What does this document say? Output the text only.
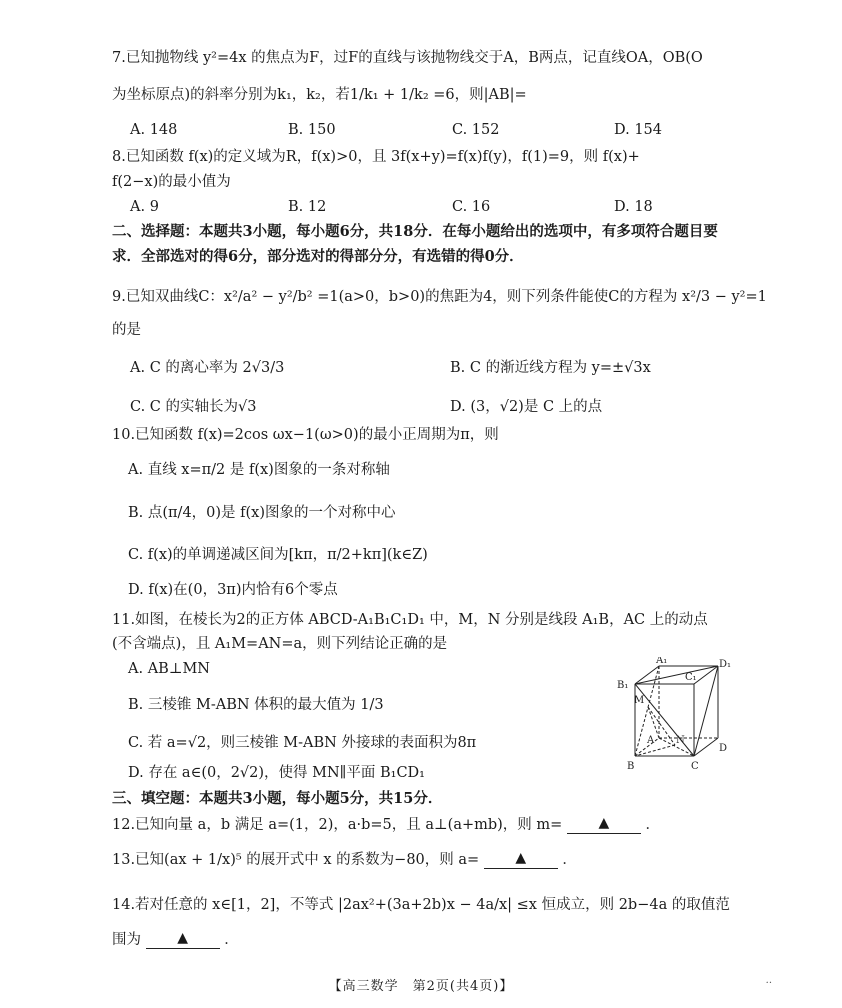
7.已知抛物线 y²=4x 的焦点为F，过F的直线与该抛物线交于A，B两点，记直线OA，OB(O
为坐标原点)的斜率分别为k₁，k₂，若1/k₁ + 1/k₂ =6，则|AB|=
A. 148	B. 150	C. 152	D. 154
8.已知函数 f(x)的定义域为R，f(x)>0，且 3f(x+y)=f(x)f(y)，f(1)=9，则 f(x)+
f(2−x)的最小值为
A. 9	B. 12	C. 16	D. 18
二、选择题：本题共3小题，每小题6分，共18分．在每小题给出的选项中，有多项符合题目要
求．全部选对的得6分，部分选对的得部分分，有选错的得0分．
9.已知双曲线C：x²/a² − y²/b² =1(a>0，b>0)的焦距为4，则下列条件能使C的方程为 x²/3 − y²=1
的是
A. C 的离心率为 2√3/3	B. C 的渐近线方程为 y=±√3x
C. C 的实轴长为√3	D. (3，√2)是 C 上的点
10.已知函数 f(x)=2cos ωx−1(ω>0)的最小正周期为π，则
A. 直线 x=π/2 是 f(x)图象的一条对称轴
B. 点(π/4，0)是 f(x)图象的一个对称中心
C. f(x)的单调递减区间为[kπ，π/2+kπ](k∈Z)
D. f(x)在(0，3π)内恰有6个零点
11.如图，在棱长为2的正方体 ABCD-A₁B₁C₁D₁ 中，M，N 分别是线段 A₁B，AC 上的动点
(不含端点)，且 A₁M=AN=a，则下列结论正确的是
A. AB⊥MN
B. 三棱锥 M-ABN 体积的最大值为 1/3
C. 若 a=√2，则三棱锥 M-ABN 外接球的表面积为8π
D. 存在 a∈(0，2√2)，使得 MN∥平面 B₁CD₁
A₁	D₁
B₁
C₁
M
N
A
D
B	C
三、填空题：本题共3小题，每小题5分，共15分．
12.已知向量 a，b 满足 a=(1，2)，a·b=5，且 a⊥(a+mb)，则 m=	▲ ．
13.已知(ax + 1/x)⁵ 的展开式中 x 的系数为−80，则 a=	▲ ．
14.若对任意的 x∈[1，2]，不等式 |2ax²+(3a+2b)x − 4a/x| ≤x 恒成立，则 2b−4a 的取值范
围为	▲ ．
【高三数学　第2页(共4页)】	··
